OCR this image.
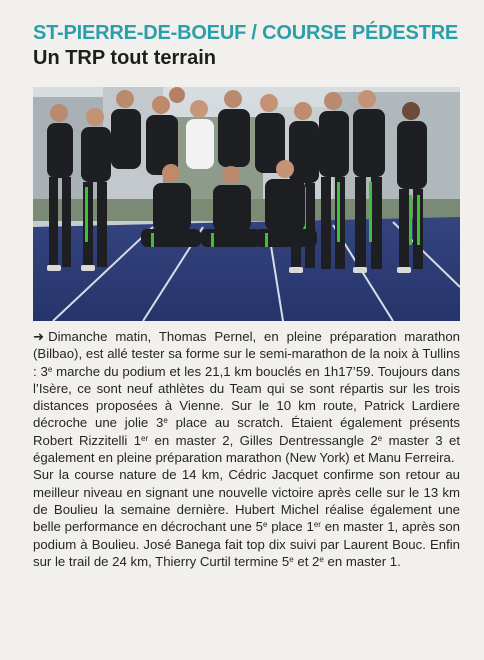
ST-PIERRE-DE-BOEUF / COURSE PÉDESTRE
Un TRP tout terrain

➜ Dimanche matin, Thomas Pernel, en pleine préparation marathon (Bilbao), est allé tester sa forme sur le semi-marathon de la noix à Tullins : 3e marche du podium et les 21,1 km bouclés en 1h17’59. Toujours dans l’Isère, ce sont neuf athlètes du Team qui se sont répartis sur les trois distances proposées à Vienne. Sur le 10 km route, Patrick Lardiere décroche une jolie 3e place au scratch. Étaient également présents Robert Rizzitelli 1er en master 2, Gilles Dentressangle 2e master 3 et également en pleine préparation marathon (New York) et Manu Ferreira.

Sur la course nature de 14 km, Cédric Jacquet confirme son retour au meilleur niveau en signant une nouvelle victoire après celle sur le 13 km de Boulieu la semaine dernière. Hubert Michel réalise également une belle performance en décrochant une 5e place 1er en master 1, après son podium à Boulieu. José Banega fait top dix suivi par Laurent Bouc. Enfin sur le trail de 24 km, Thierry Curtil termine 5e et 2e en master 1.
